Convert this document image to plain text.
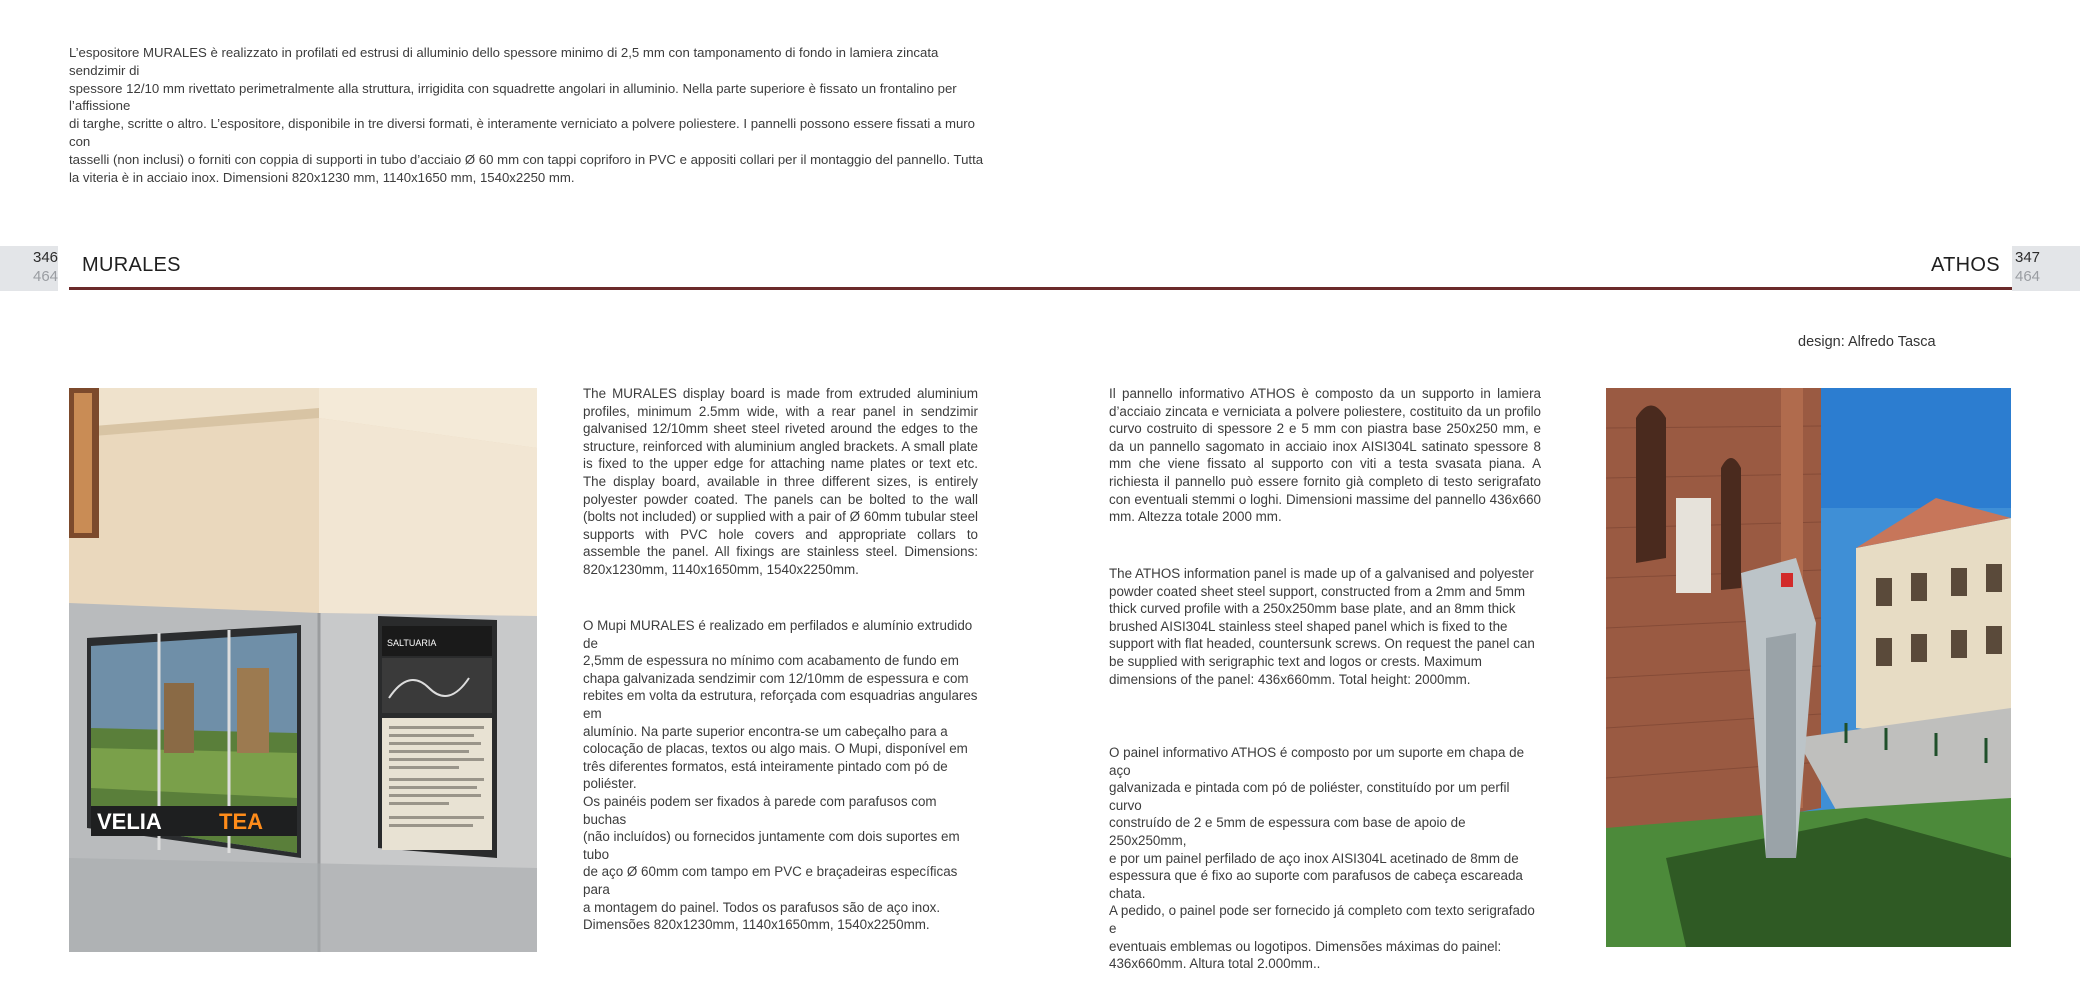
L’espositore MURALES è realizzato in profilati ed estrusi di alluminio dello spessore minimo di 2,5 mm con tamponamento di fondo in lamiera zincata sendzimir di
spessore 12/10 mm rivettato perimetralmente alla struttura, irrigidita con squadrette angolari in alluminio. Nella parte superiore è fissato un frontalino per l’affissione
di targhe, scritte o altro. L’espositore, disponibile in tre diversi formati, è interamente verniciato a polvere poliestere. I pannelli possono essere fissati a muro con
tasselli (non inclusi) o forniti con coppia di supporti in tubo d’acciaio Ø 60 mm con tappi copriforo in PVC e appositi collari per il montaggio del pannello. Tutta
la viteria è in acciaio inox. Dimensioni 820x1230 mm, 1140x1650 mm, 1540x2250 mm.
346
464
347
464
MURALES	ATHOS
design: Alfredo Tasca
The MURALES display board is made from extruded aluminium profiles, minimum 2.5mm wide, with a rear panel in sendzimir galvanised 12/10mm sheet steel riveted around the edges to the structure, reinforced with aluminium angled brackets. A small plate is fixed to the upper edge for attaching name plates or text etc. The display board, available in three different sizes, is entirely polyester powder coated. The panels can be bolted to the wall (bolts not included) or supplied with a pair of Ø 60mm tubular steel supports with PVC hole covers and appropriate collars to assemble the panel. All fixings are stainless steel. Dimensions: 820x1230mm, 1140x1650mm, 1540x2250mm.
O Mupi MURALES é realizado em perfilados e alumínio extrudido de
2,5mm de espessura no mínimo com acabamento de fundo em
chapa galvanizada sendzimir com 12/10mm de espessura e com
rebites em volta da estrutura, reforçada com esquadrias angulares em
alumínio. Na parte superior encontra-se um cabeçalho para a
colocação de placas, textos ou algo mais. O Mupi, disponível em
três diferentes formatos, está inteiramente pintado com pó de poliéster.
Os painéis podem ser fixados à parede com parafusos com buchas
(não incluídos) ou fornecidos juntamente com dois suportes em tubo
de aço Ø 60mm com tampo em PVC e braçadeiras específicas para
a montagem do painel. Todos os parafusos são de aço inox.
Dimensões 820x1230mm, 1140x1650mm, 1540x2250mm.
Il pannello informativo ATHOS è composto da un supporto in lamiera d’acciaio zincata e verniciata a polvere poliestere, costituito da un profilo curvo costruito di spessore 2 e 5 mm con piastra base 250x250 mm, e da un pannello sagomato in acciaio inox AISI304L satinato spessore 8 mm che viene fissato al supporto con viti a testa svasata piana. A richiesta il pannello può essere fornito già completo di testo serigrafato con eventuali stemmi o loghi. Dimensioni massime del pannello 436x660 mm. Altezza totale 2000 mm.
The ATHOS information panel is made up of a galvanised and polyester
powder coated sheet steel support, constructed from a 2mm and 5mm
thick curved profile with a 250x250mm base plate, and an 8mm thick
brushed AISI304L stainless steel shaped panel which is fixed to the
support with flat headed, countersunk screws. On request the panel can
be supplied with serigraphic text and logos or crests. Maximum
dimensions of the panel: 436x660mm. Total height: 2000mm.
O painel informativo ATHOS é composto por um suporte em chapa de aço
galvanizada e pintada com pó de poliéster, constituído por um perfil curvo
construído de 2 e 5mm de espessura com base de apoio de 250x250mm,
e por um painel perfilado de aço inox AISI304L acetinado de 8mm de
espessura que é fixo ao suporte com parafusos de cabeça escareada chata.
A pedido, o painel pode ser fornecido já completo com texto serigrafado e
eventuais emblemas ou logotipos. Dimensões máximas do painel:
436x660mm. Altura total 2.000mm..
VELIA	TEA
SALTUARIA
